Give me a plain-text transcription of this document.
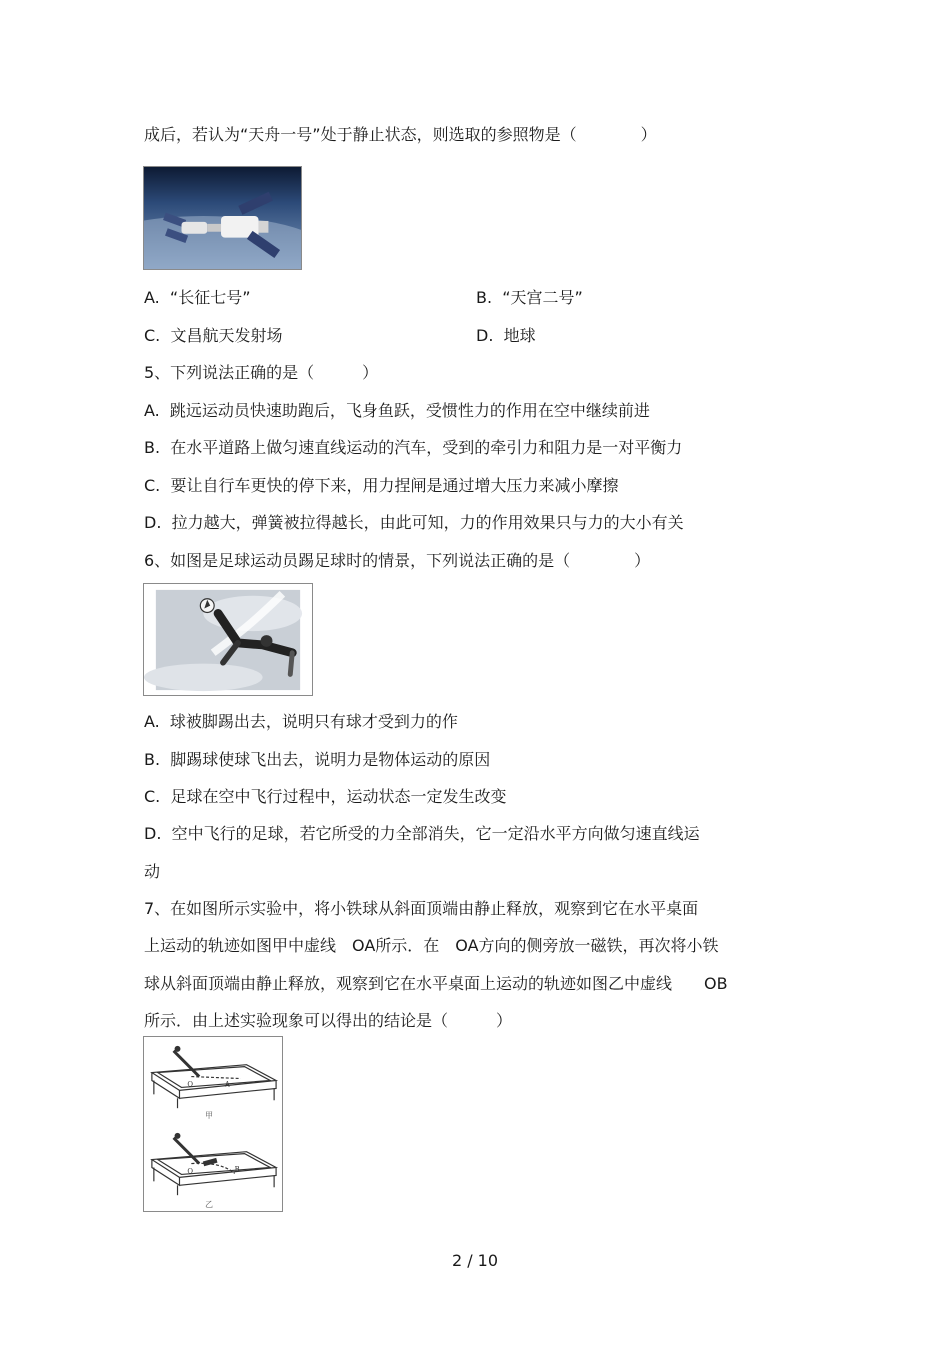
成后，若认为“天舟一号”处于静止状态，则选取的参照物是（　　　　）
A. “长征七号”	B. “天宫二号”
C. 文昌航天发射场	D. 地球
5、下列说法正确的是（　　　）
A. 跳远运动员快速助跑后，飞身鱼跃，受惯性力的作用在空中继续前进
B. 在水平道路上做匀速直线运动的汽车，受到的牵引力和阻力是一对平衡力
C. 要让自行车更快的停下来，用力捏闸是通过增大压力来减小摩擦
D. 拉力越大，弹簧被拉得越长，由此可知，力的作用效果只与力的大小有关
6、如图是足球运动员踢足球时的情景，下列说法正确的是（　　　　）
A. 球被脚踢出去，说明只有球才受到力的作
B. 脚踢球使球飞出去，说明力是物体运动的原因
C. 足球在空中飞行过程中，运动状态一定发生改变
D. 空中飞行的足球，若它所受的力全部消失，它一定沿水平方向做匀速直线运
动
7、在如图所示实验中，将小铁球从斜面顶端由静止释放，观察到它在水平桌面
上运动的轨迹如图甲中虚线　OA所示．在　OA方向的侧旁放一磁铁，再次将小铁
球从斜面顶端由静止释放，观察到它在水平桌面上运动的轨迹如图乙中虚线　　OB
所示．由上述实验现象可以得出的结论是（　　　）
O	A
甲
O	B
乙
2 / 10
